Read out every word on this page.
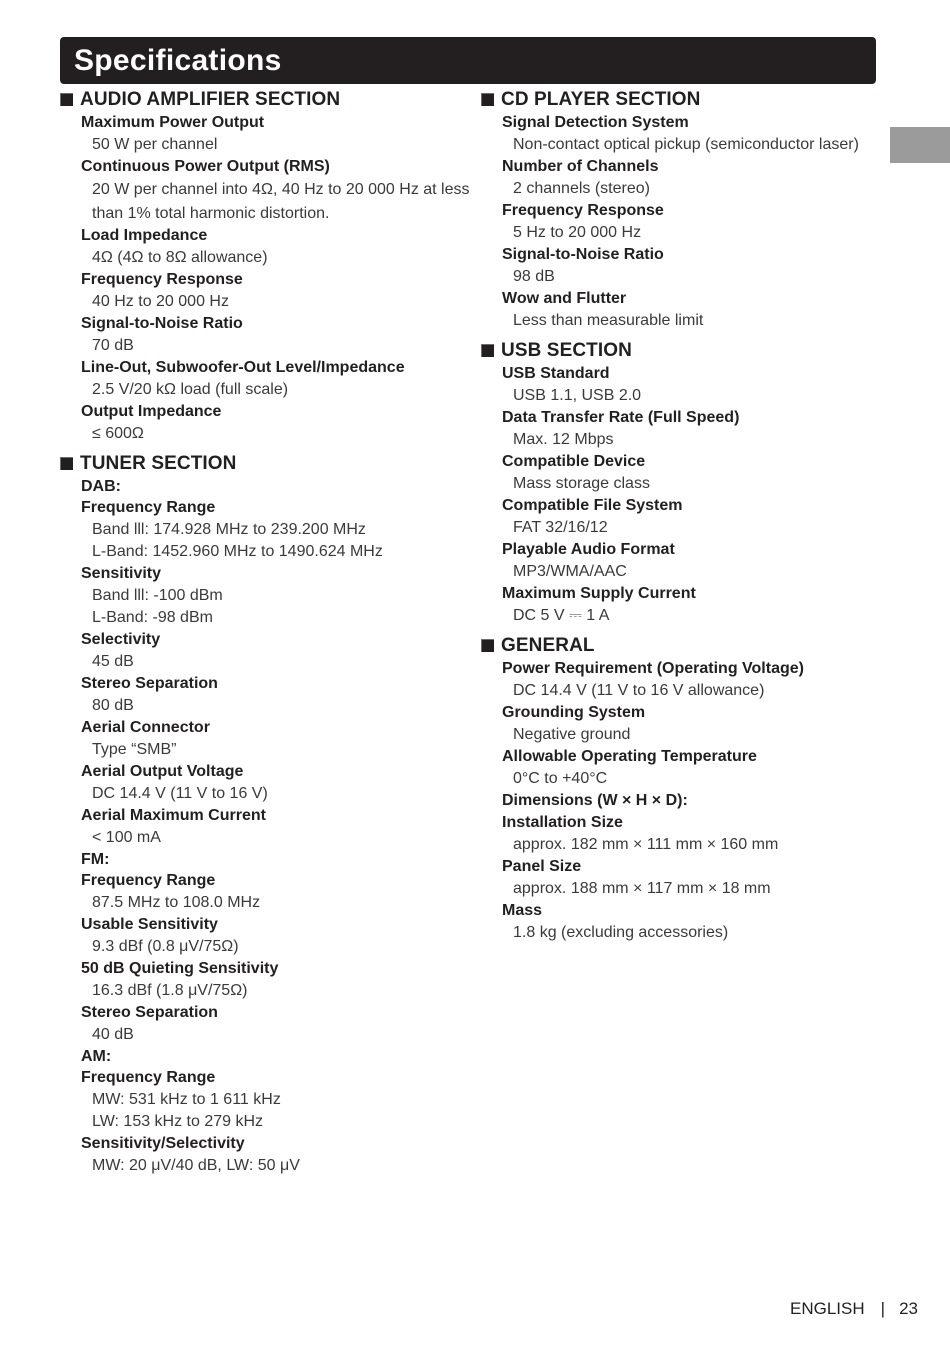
Specifications
AUDIO AMPLIFIER SECTION
Maximum Power Output
50 W per channel
Continuous Power Output (RMS)
20 W per channel into 4Ω, 40 Hz to 20 000 Hz at less than 1% total harmonic distortion.
Load Impedance
4Ω (4Ω to 8Ω allowance)
Frequency Response
40 Hz to 20 000 Hz
Signal-to-Noise Ratio
70 dB
Line-Out, Subwoofer-Out Level/Impedance
2.5 V/20 kΩ load (full scale)
Output Impedance
≤ 600Ω
TUNER SECTION
DAB:
Frequency Range
Band lll: 174.928 MHz to 239.200 MHz
L-Band: 1452.960 MHz to 1490.624 MHz
Sensitivity
Band lll: -100 dBm
L-Band: -98 dBm
Selectivity
45 dB
Stereo Separation
80 dB
Aerial Connector
Type “SMB”
Aerial Output Voltage
DC 14.4 V (11 V to 16 V)
Aerial Maximum Current
< 100 mA
FM:
Frequency Range
87.5 MHz to 108.0 MHz
Usable Sensitivity
9.3 dBf (0.8 μV/75Ω)
50 dB Quieting Sensitivity
16.3 dBf (1.8 μV/75Ω)
Stereo Separation
40 dB
AM:
Frequency Range
MW: 531 kHz to 1 611 kHz
LW: 153 kHz to 279 kHz
Sensitivity/Selectivity
MW: 20 μV/40 dB, LW: 50 μV
CD PLAYER SECTION
Signal Detection System
Non-contact optical pickup (semiconductor laser)
Number of Channels
2 channels (stereo)
Frequency Response
5 Hz to 20 000 Hz
Signal-to-Noise Ratio
98 dB
Wow and Flutter
Less than measurable limit
USB SECTION
USB Standard
USB 1.1, USB 2.0
Data Transfer Rate (Full Speed)
Max. 12 Mbps
Compatible Device
Mass storage class
Compatible File System
FAT 32/16/12
Playable Audio Format
MP3/WMA/AAC
Maximum Supply Current
DC 5 V ⎓ 1 A
GENERAL
Power Requirement (Operating Voltage)
DC 14.4 V (11 V to 16 V allowance)
Grounding System
Negative ground
Allowable Operating Temperature
0°C to +40°C
Dimensions (W × H × D):
Installation Size
approx. 182 mm × 111 mm × 160 mm
Panel Size
approx. 188 mm × 117 mm × 18 mm
Mass
1.8 kg (excluding accessories)
ENGLISH | 23
